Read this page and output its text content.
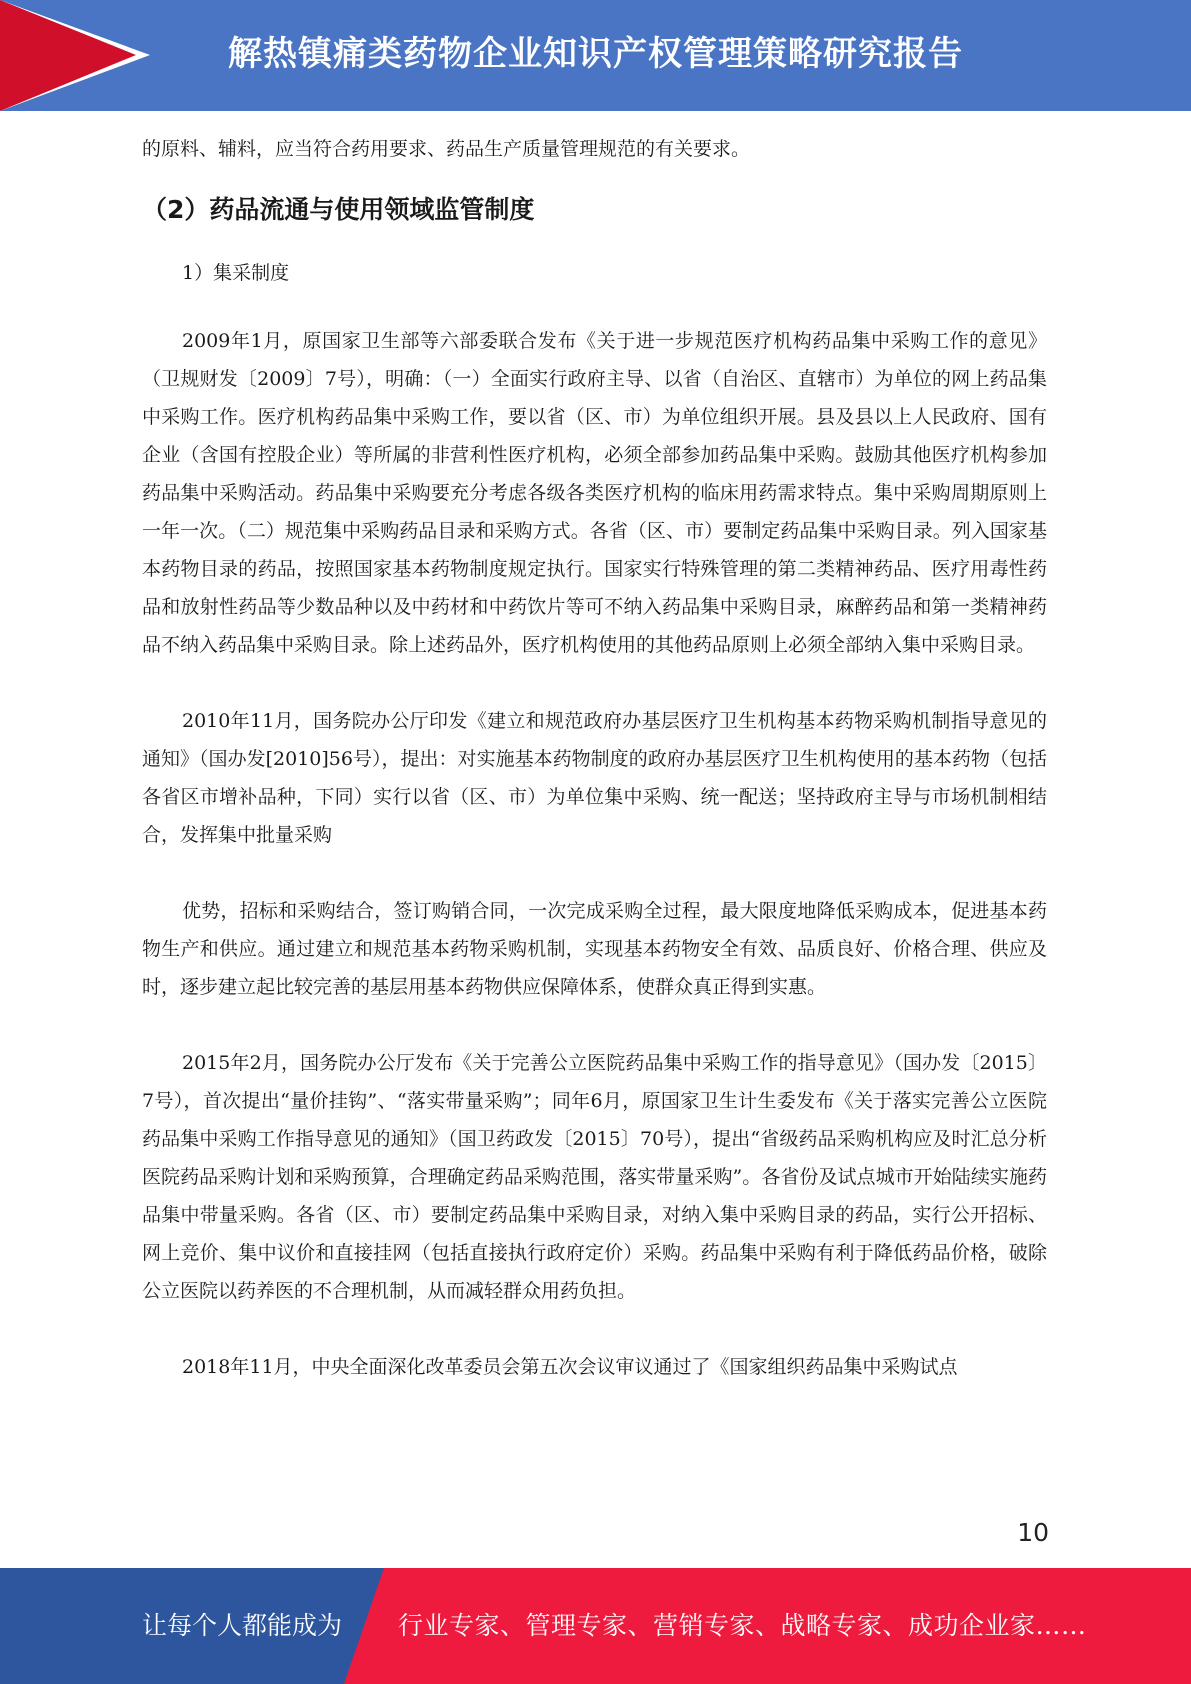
解热镇痛类药物企业知识产权管理策略研究报告

的原料、辅料，应当符合药用要求、药品生产质量管理规范的有关要求。

（2）药品流通与使用领域监管制度

1）集采制度

2009年1月，原国家卫生部等六部委联合发布《关于进一步规范医疗机构药品集中采购工作的意见》（卫规财发〔2009〕7号），明确：（一）全面实行政府主导、以省（自治区、直辖市）为单位的网上药品集中采购工作。医疗机构药品集中采购工作，要以省（区、市）为单位组织开展。县及县以上人民政府、国有企业（含国有控股企业）等所属的非营利性医疗机构，必须全部参加药品集中采购。鼓励其他医疗机构参加药品集中采购活动。药品集中采购要充分考虑各级各类医疗机构的临床用药需求特点。集中采购周期原则上一年一次。（二）规范集中采购药品目录和采购方式。各省（区、市）要制定药品集中采购目录。列入国家基本药物目录的药品，按照国家基本药物制度规定执行。国家实行特殊管理的第二类精神药品、医疗用毒性药品和放射性药品等少数品种以及中药材和中药饮片等可不纳入药品集中采购目录，麻醉药品和第一类精神药品不纳入药品集中采购目录。除上述药品外，医疗机构使用的其他药品原则上必须全部纳入集中采购目录。

2010年11月，国务院办公厅印发《建立和规范政府办基层医疗卫生机构基本药物采购机制指导意见的通知》（国办发[2010]56号），提出：对实施基本药物制度的政府办基层医疗卫生机构使用的基本药物（包括各省区市增补品种，下同）实行以省（区、市）为单位集中采购、统一配送；坚持政府主导与市场机制相结合，发挥集中批量采购

优势，招标和采购结合，签订购销合同，一次完成采购全过程，最大限度地降低采购成本，促进基本药物生产和供应。通过建立和规范基本药物采购机制，实现基本药物安全有效、品质良好、价格合理、供应及时，逐步建立起比较完善的基层用基本药物供应保障体系，使群众真正得到实惠。

2015年2月，国务院办公厅发布《关于完善公立医院药品集中采购工作的指导意见》（国办发〔2015〕7号），首次提出“量价挂钩”、“落实带量采购”；同年6月，原国家卫生计生委发布《关于落实完善公立医院药品集中采购工作指导意见的通知》（国卫药政发〔2015〕70号），提出“省级药品采购机构应及时汇总分析医院药品采购计划和采购预算，合理确定药品采购范围，落实带量采购”。各省份及试点城市开始陆续实施药品集中带量采购。各省（区、市）要制定药品集中采购目录，对纳入集中采购目录的药品，实行公开招标、网上竞价、集中议价和直接挂网（包括直接执行政府定价）采购。药品集中采购有利于降低药品价格，破除公立医院以药养医的不合理机制，从而减轻群众用药负担。

2018年11月，中央全面深化改革委员会第五次会议审议通过了《国家组织药品集中采购试点

10
让每个人都能成为 行业专家、管理专家、营销专家、战略专家、成功企业家……
